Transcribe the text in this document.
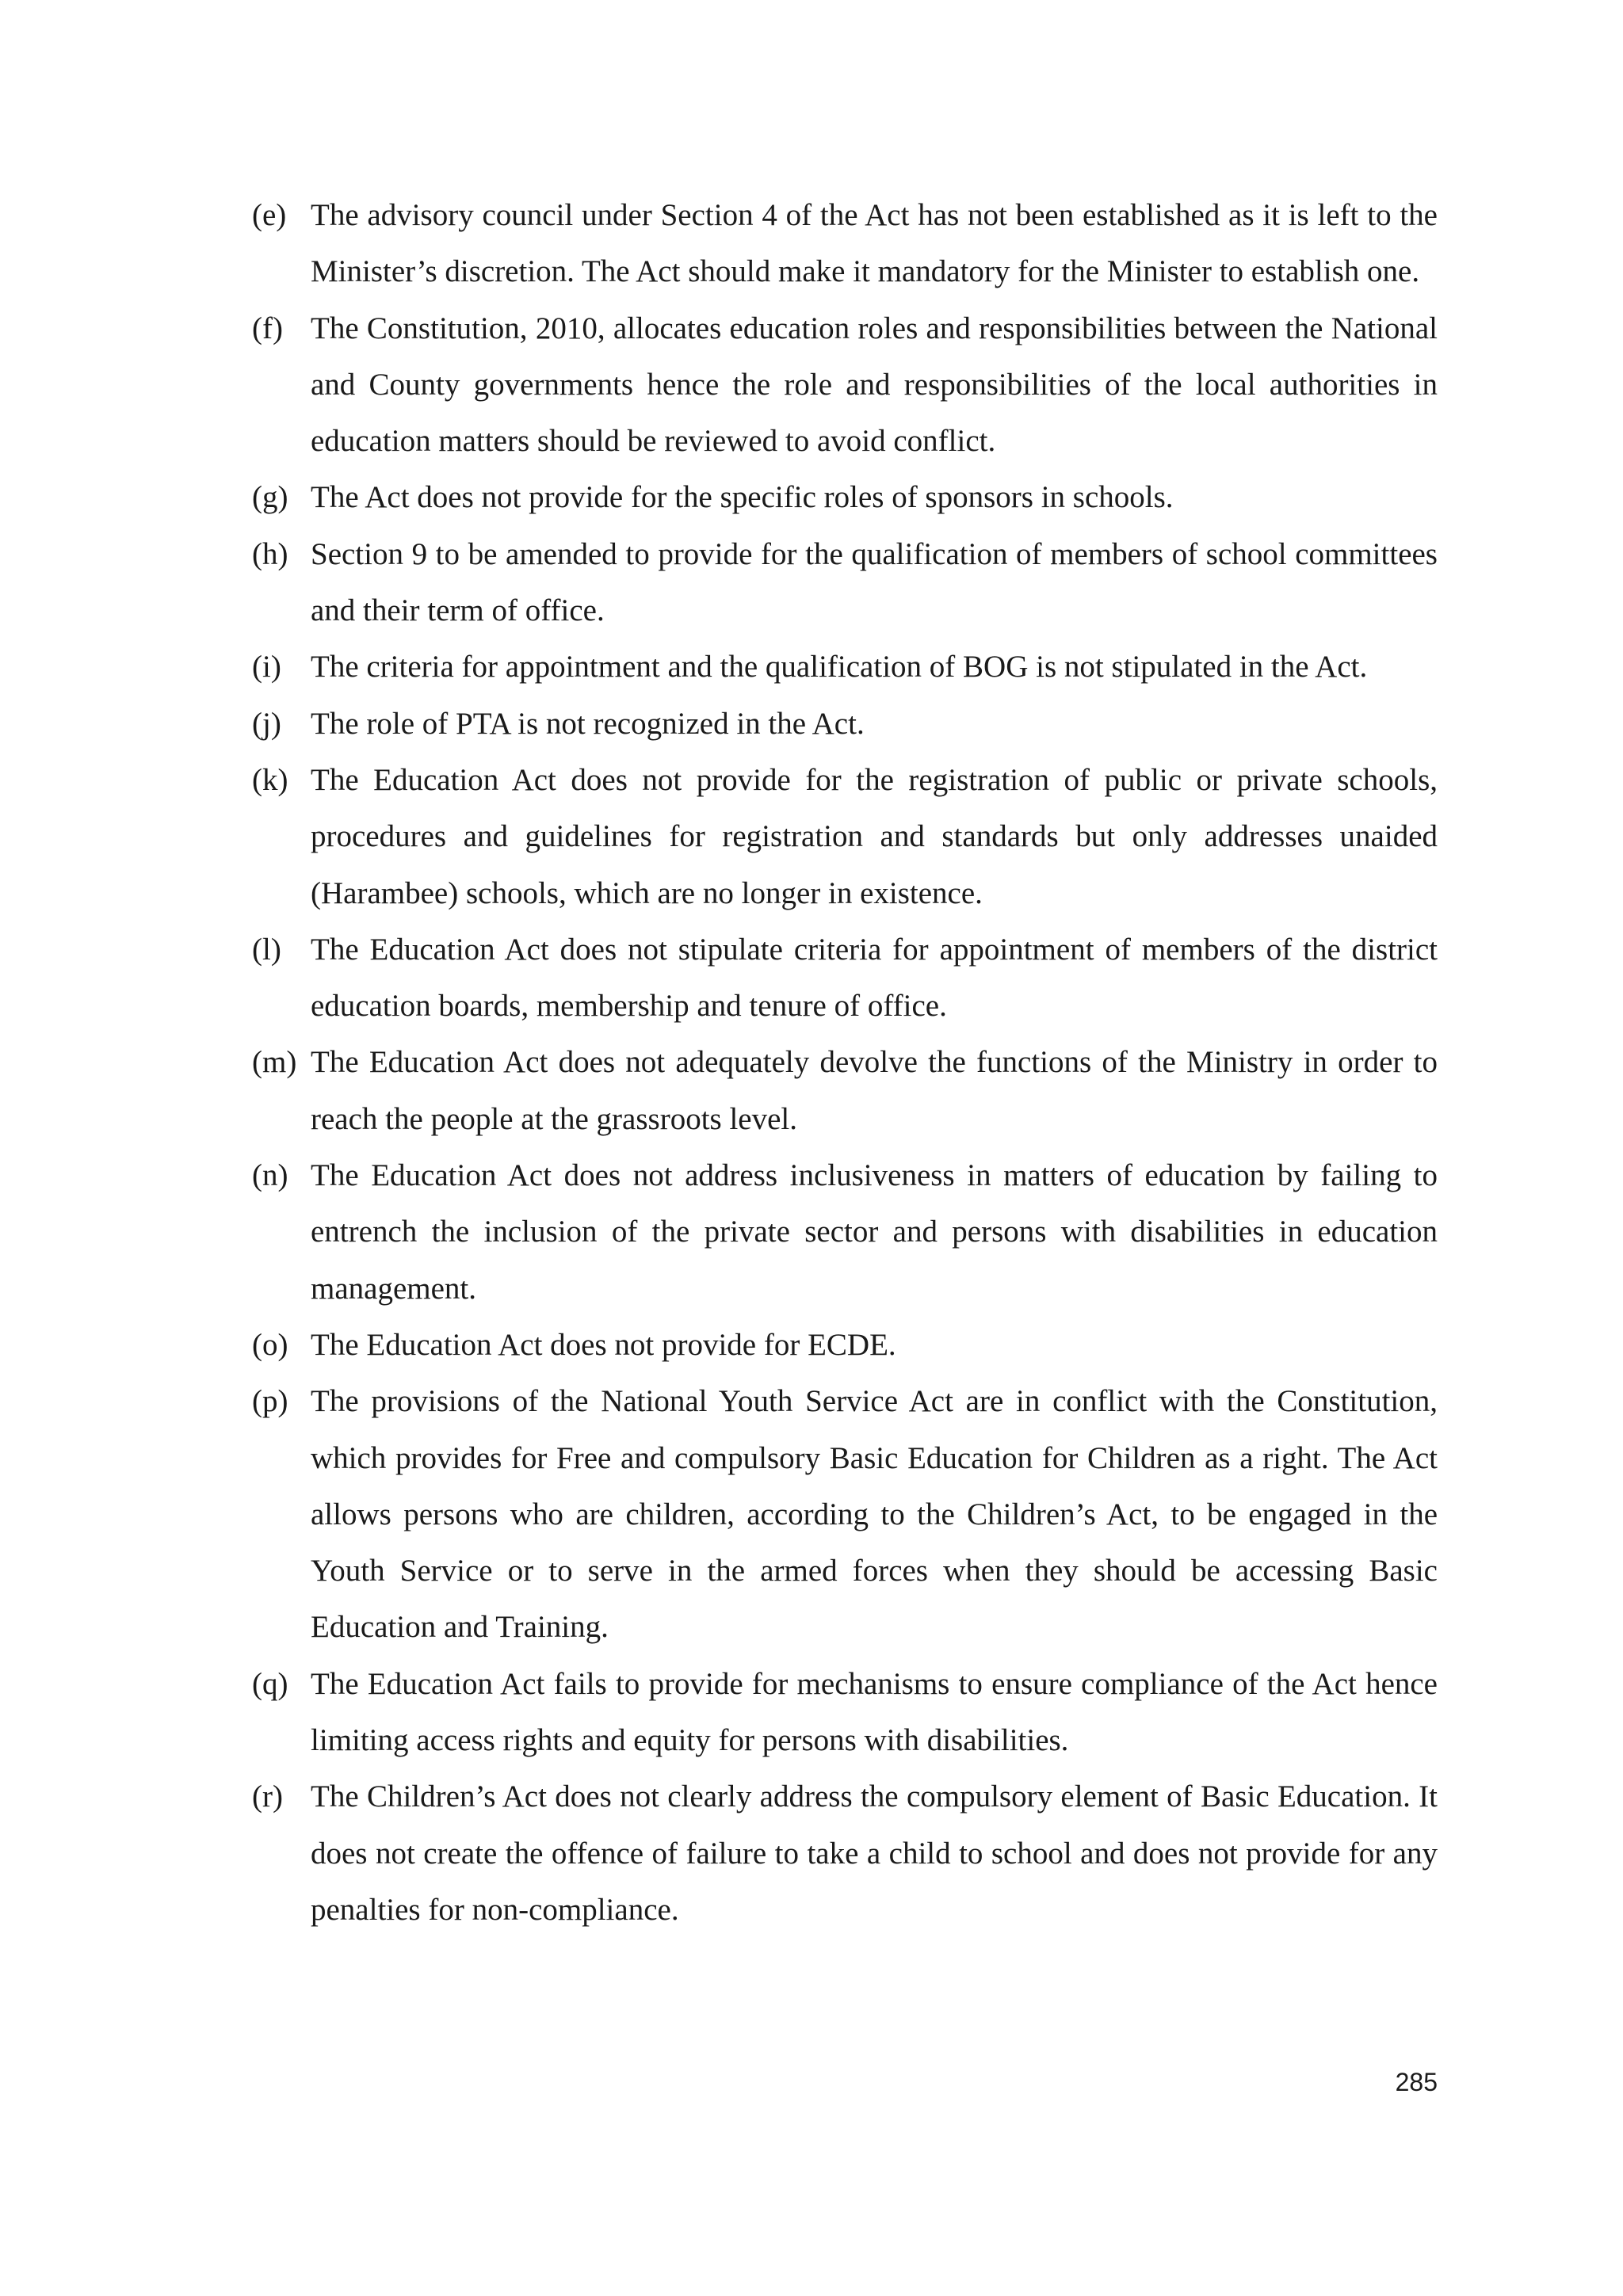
(e) The advisory council under Section 4 of the Act has not been established as it is left to the Minister’s discretion. The Act should make it mandatory for the Minister to establish one.

(f) The Constitution, 2010, allocates education roles and responsibilities between the National and County governments hence the role and responsibilities of the local authorities in education matters should be reviewed to avoid conflict.

(g) The Act does not provide for the specific roles of sponsors in schools.

(h) Section 9 to be amended to provide for the qualification of members of school committees and their term of office.

(i) The criteria for appointment and the qualification of BOG is not stipulated in the Act.

(j) The role of PTA is not recognized in the Act.

(k) The Education Act does not provide for the registration of public or private schools, procedures and guidelines for registration and standards but only addresses unaided (Harambee) schools, which are no longer in existence.

(l) The Education Act does not stipulate criteria for appointment of members of the district education boards, membership and tenure of office.

(m) The Education Act does not adequately devolve the functions of the Ministry in order to reach the people at the grassroots level.

(n) The Education Act does not address inclusiveness in matters of education by failing to entrench the inclusion of the private sector and persons with disabilities in education management.

(o) The Education Act does not provide for ECDE.

(p) The provisions of the National Youth Service Act are in conflict with the Constitution, which provides for Free and compulsory Basic Education for Children as a right. The Act allows persons who are children, according to the Children’s Act, to be engaged in the Youth Service or to serve in the armed forces when they should be accessing Basic Education and Training.

(q) The Education Act fails to provide for mechanisms to ensure compliance of the Act hence limiting access rights and equity for persons with disabilities.

(r) The Children’s Act does not clearly address the compulsory element of Basic Education. It does not create the offence of failure to take a child to school and does not provide for any penalties for non-compliance.

285
